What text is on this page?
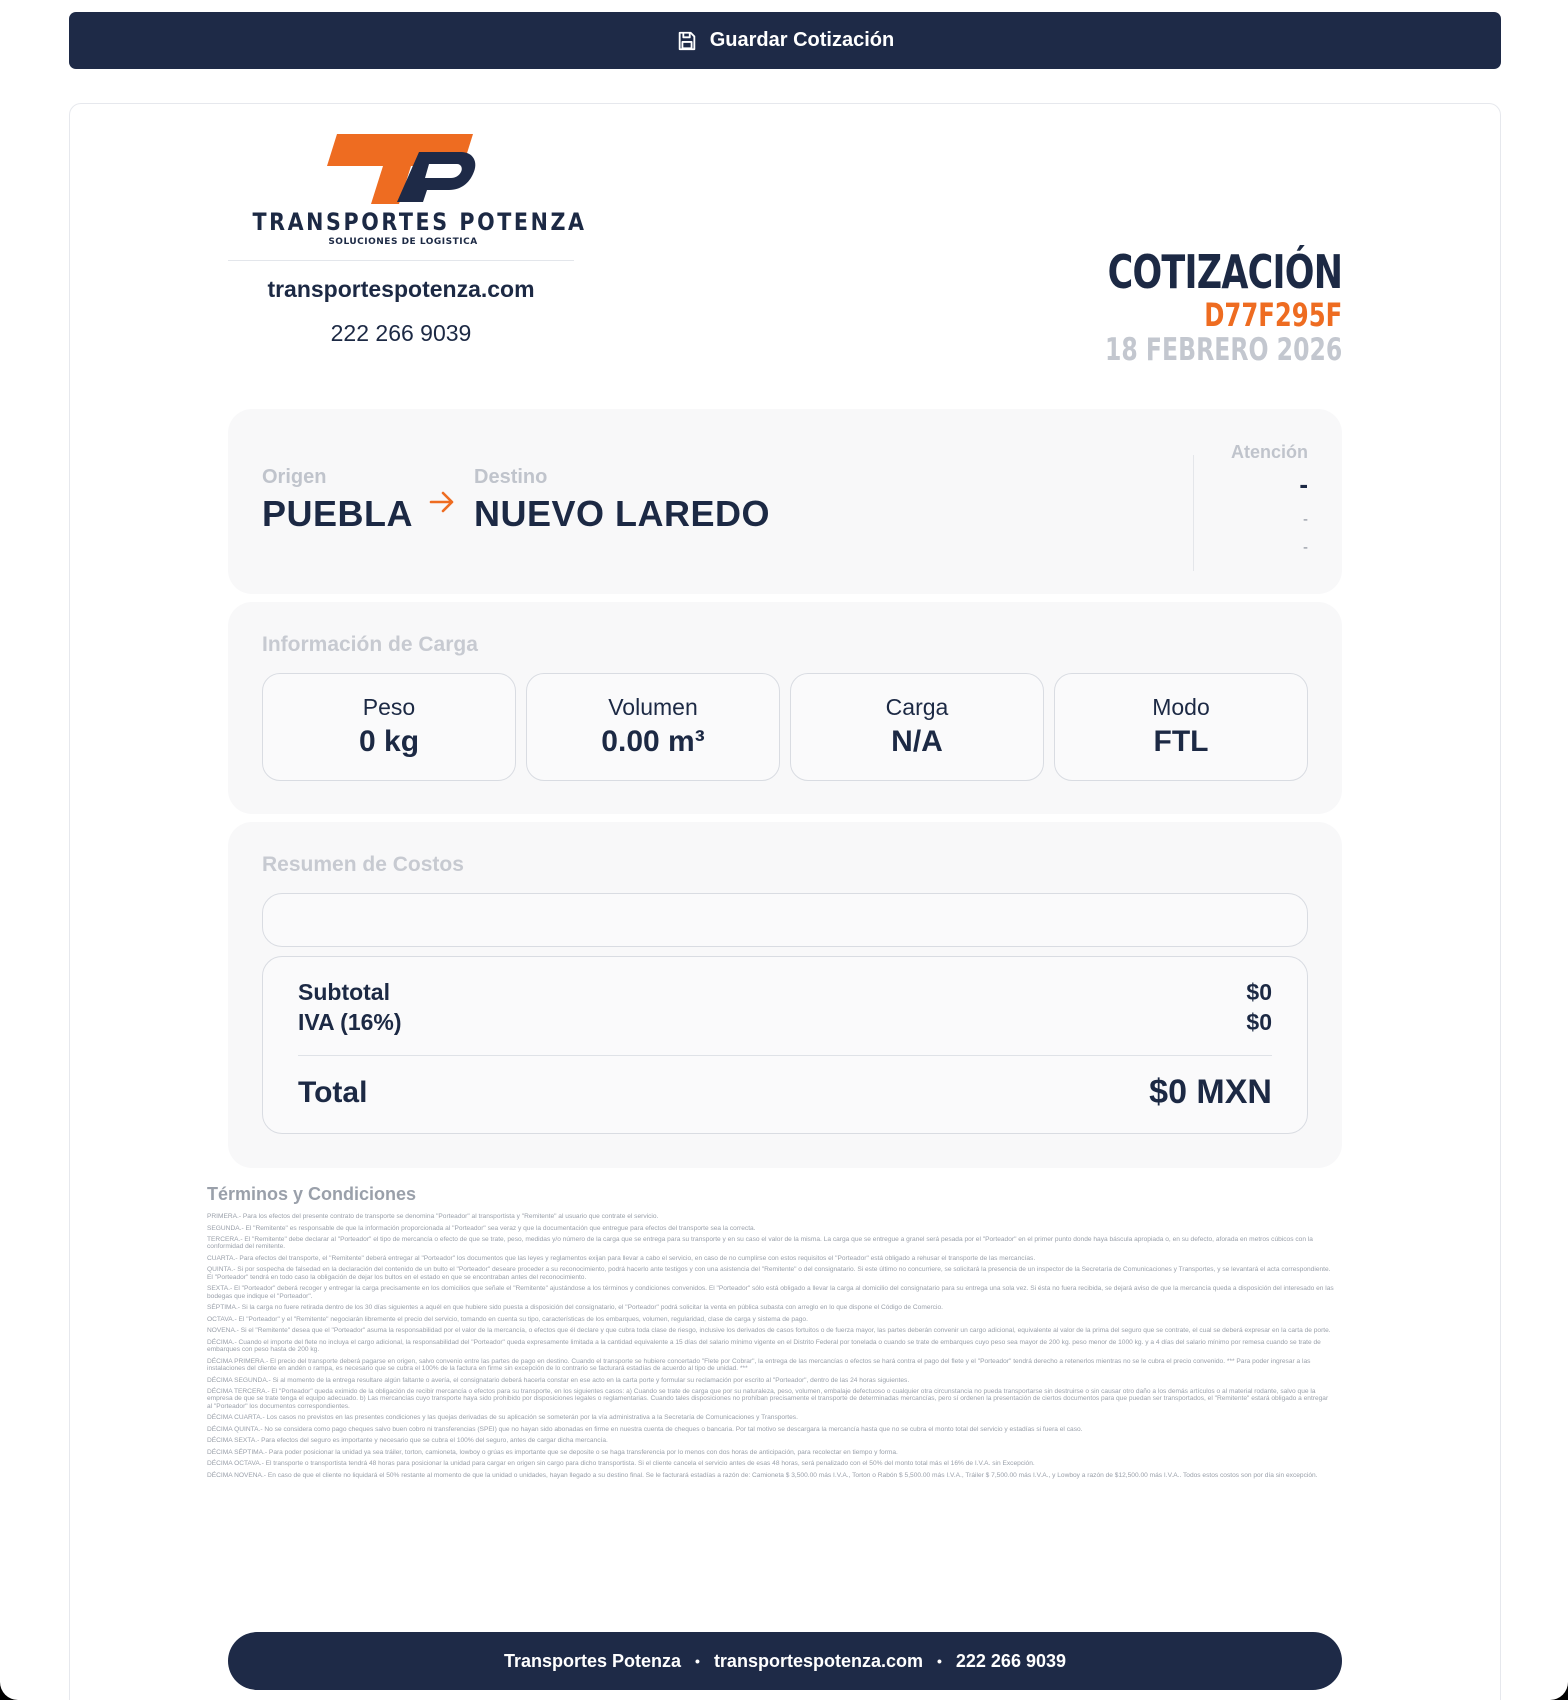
Guardar Cotización
TRANSPORTES POTENZA
SOLUCIONES DE LOGISTICA
transportespotenza.com
222 266 9039
COTIZACIÓN
D77F295F
18 FEBRERO 2026
Origen
PUEBLA
Destino
NUEVO LAREDO
Atención
-
-
-
Información de Carga
Peso
0 kg
Volumen
0.00 m³
Carga
N/A
Modo
FTL
Resumen de Costos
Subtotal	$0
IVA (16%)	$0
Total	$0 MXN
Términos y Condiciones

PRIMERA.- Para los efectos del presente contrato de transporte se denomina "Porteador" al transportista y "Remitente" al usuario que contrate el servicio.

SEGUNDA.- El "Remitente" es responsable de que la información proporcionada al "Porteador" sea veraz y que la documentación que entregue para efectos del transporte sea la correcta.

TERCERA.- El "Remitente" debe declarar al "Porteador" el tipo de mercancía o efecto de que se trate, peso, medidas y/o número de la carga que se entrega para su transporte y en su caso el valor de la misma. La carga que se entregue a granel será pesada por el "Porteador" en el primer punto donde haya báscula apropiada o, en su defecto, aforada en metros cúbicos con la conformidad del remitente.

CUARTA.- Para efectos del transporte, el "Remitente" deberá entregar al "Porteador" los documentos que las leyes y reglamentos exijan para llevar a cabo el servicio, en caso de no cumplirse con estos requisitos el "Porteador" está obligado a rehusar el transporte de las mercancías.

QUINTA.- Si por sospecha de falsedad en la declaración del contenido de un bulto el "Porteador" deseare proceder a su reconocimiento, podrá hacerlo ante testigos y con una asistencia del "Remitente" o del consignatario. Si este último no concurriere, se solicitará la presencia de un inspector de la Secretaría de Comunicaciones y Transportes, y se levantará el acta correspondiente. El "Porteador" tendrá en todo caso la obligación de dejar los bultos en el estado en que se encontraban antes del reconocimiento.

SEXTA.- El "Porteador" deberá recoger y entregar la carga precisamente en los domicilios que señale el "Remitente" ajustándose a los términos y condiciones convenidos. El "Porteador" sólo está obligado a llevar la carga al domicilio del consignatario para su entrega una sola vez. Si ésta no fuera recibida, se dejará aviso de que la mercancía queda a disposición del interesado en las bodegas que indique el "Porteador".

SÉPTIMA.- Si la carga no fuere retirada dentro de los 30 días siguientes a aquél en que hubiere sido puesta a disposición del consignatario, el "Porteador" podrá solicitar la venta en pública subasta con arreglo en lo que dispone el Código de Comercio.

OCTAVA.- El "Porteador" y el "Remitente" negociarán libremente el precio del servicio, tomando en cuenta su tipo, características de los embarques, volumen, regularidad, clase de carga y sistema de pago.

NOVENA.- Si el "Remitente" desea que el "Porteador" asuma la responsabilidad por el valor de la mercancía, o efectos que él declare y que cubra toda clase de riesgo, inclusive los derivados de casos fortuitos o de fuerza mayor, las partes deberán convenir un cargo adicional, equivalente al valor de la prima del seguro que se contrate, el cual se deberá expresar en la carta de porte.

DÉCIMA.- Cuando el importe del flete no incluya el cargo adicional, la responsabilidad del "Porteador" queda expresamente limitada a la cantidad equivalente a 15 días del salario mínimo vigente en el Distrito Federal por tonelada o cuando se trate de embarques cuyo peso sea mayor de 200 kg. peso menor de 1000 kg. y a 4 días del salario mínimo por remesa cuando se trate de embarques con peso hasta de 200 kg.

DÉCIMA PRIMERA.- El precio del transporte deberá pagarse en origen, salvo convenio entre las partes de pago en destino. Cuando el transporte se hubiere concertado "Flete por Cobrar", la entrega de las mercancías o efectos se hará contra el pago del flete y el "Porteador" tendrá derecho a retenerlos mientras no se le cubra el precio convenido. *** Para poder ingresar a las instalaciones del cliente en andén o rampa, es necesario que se cubra el 100% de la factura en firme sin excepción de lo contrario se facturará estadías de acuerdo al tipo de unidad. ***

DÉCIMA SEGUNDA.- Si al momento de la entrega resultare algún faltante o avería, el consignatario deberá hacerla constar en ese acto en la carta porte y formular su reclamación por escrito al "Porteador", dentro de las 24 horas siguientes.

DÉCIMA TERCERA.- El "Porteador" queda eximido de la obligación de recibir mercancía o efectos para su transporte, en los siguientes casos: a) Cuando se trate de carga que por su naturaleza, peso, volumen, embalaje defectuoso o cualquier otra circunstancia no pueda transportarse sin destruirse o sin causar otro daño a los demás artículos o al material rodante, salvo que la empresa de que se trate tenga el equipo adecuado. b) Las mercancías cuyo transporte haya sido prohibido por disposiciones legales o reglamentarias. Cuando tales disposiciones no prohíban precisamente el transporte de determinadas mercancías, pero sí ordenen la presentación de ciertos documentos para que puedan ser transportados, el "Remitente" estará obligado a entregar al "Porteador" los documentos correspondientes.

DÉCIMA CUARTA.- Los casos no previstos en las presentes condiciones y las quejas derivadas de su aplicación se someterán por la vía administrativa a la Secretaría de Comunicaciones y Transportes.

DÉCIMA QUINTA.- No se considera como pago cheques salvo buen cobro ni transferencias (SPEI) que no hayan sido abonadas en firme en nuestra cuenta de cheques o bancaria. Por tal motivo se descargara la mercancía hasta que no se cubra el monto total del servicio y estadías si fuera el caso.

DÉCIMA SEXTA.- Para efectos del seguro es importante y necesario que se cubra el 100% del seguro, antes de cargar dicha mercancía.

DÉCIMA SÉPTIMA.- Para poder posicionar la unidad ya sea tráiler, torton, camioneta, lowboy o grúas es importante que se deposite o se haga transferencia por lo menos con dos horas de anticipación, para recolectar en tiempo y forma.

DÉCIMA OCTAVA.- El transporte o transportista tendrá 48 horas para posicionar la unidad para cargar en origen sin cargo para dicho transportista. Si el cliente cancela el servicio antes de esas 48 horas, será penalizado con el 50% del monto total más el 16% de I.V.A. sin Excepción.

DÉCIMA NOVENA.- En caso de que el cliente no liquidará el 50% restante al momento de que la unidad o unidades, hayan llegado a su destino final. Se le facturará estadías a razón de: Camioneta $ 3,500.00 más I.V.A., Torton o Rabón $ 5,500.00 más I.V.A., Tráiler $ 7,500.00 más I.V.A., y Lowboy a razón de $12,500.00 más I.V.A.. Todos estos costos son por día sin excepción.

Transportes Potenza • transportespotenza.com • 222 266 9039
